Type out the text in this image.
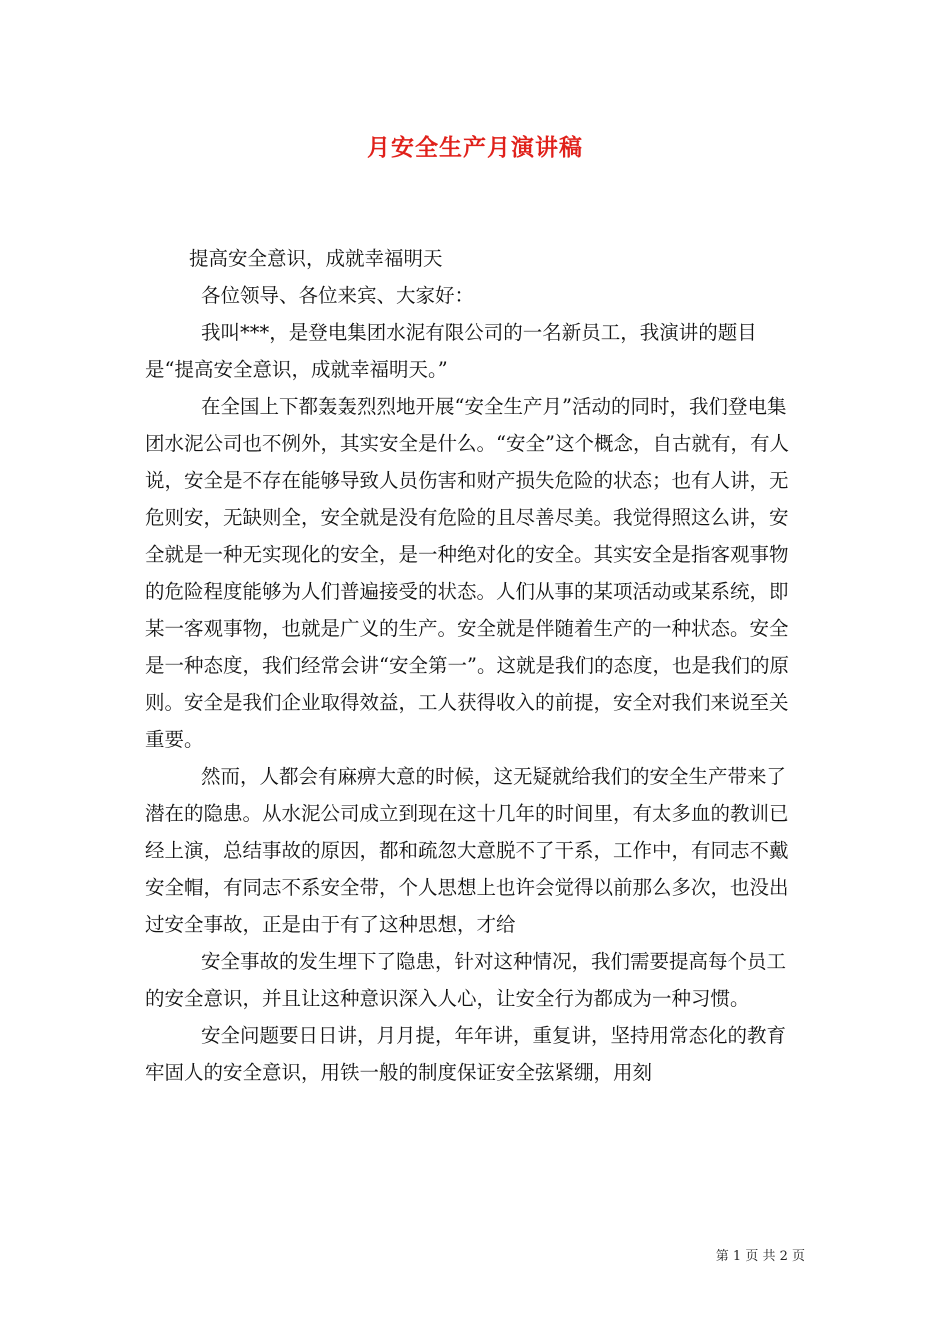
月安全生产月演讲稿

提高安全意识，成就幸福明天

各位领导、各位来宾、大家好：

我叫***，是登电集团水泥有限公司的一名新员工，我演讲的题目是“提高安全意识，成就幸福明天。”

在全国上下都轰轰烈烈地开展“安全生产月”活动的同时，我们登电集团水泥公司也不例外，其实安全是什么。“安全”这个概念，自古就有，有人说，安全是不存在能够导致人员伤害和财产损失危险的状态；也有人讲，无危则安，无缺则全，安全就是没有危险的且尽善尽美。我觉得照这么讲，安全就是一种无实现化的安全，是一种绝对化的安全。其实安全是指客观事物的危险程度能够为人们普遍接受的状态。人们从事的某项活动或某系统，即某一客观事物，也就是广义的生产。安全就是伴随着生产的一种状态。安全是一种态度，我们经常会讲“安全第一”。这就是我们的态度，也是我们的原则。安全是我们企业取得效益，工人获得收入的前提，安全对我们来说至关重要。

然而，人都会有麻痹大意的时候，这无疑就给我们的安全生产带来了潜在的隐患。从水泥公司成立到现在这十几年的时间里，有太多血的教训已经上演，总结事故的原因，都和疏忽大意脱不了干系，工作中，有同志不戴安全帽，有同志不系安全带，个人思想上也许会觉得以前那么多次，也没出过安全事故，正是由于有了这种思想，才给

安全事故的发生埋下了隐患，针对这种情况，我们需要提高每个员工的安全意识，并且让这种意识深入人心，让安全行为都成为一种习惯。

安全问题要日日讲，月月提，年年讲，重复讲，坚持用常态化的教育牢固人的安全意识，用铁一般的制度保证安全弦紧绷，用刻

第 1 页 共 2 页
